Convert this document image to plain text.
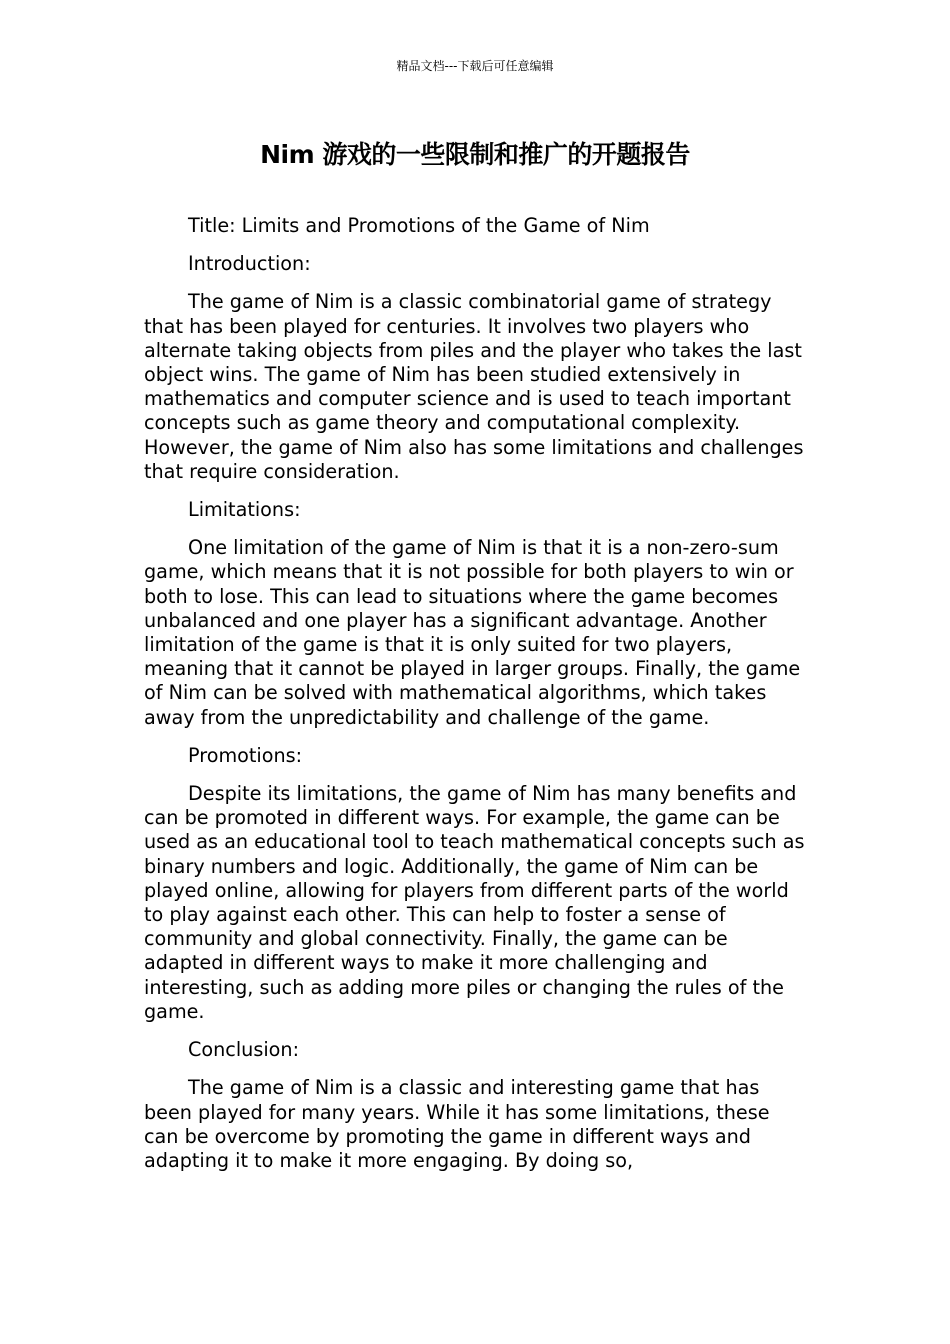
精品文档---下载后可任意编辑
Nim 游戏的一些限制和推广的开题报告

Title: Limits and Promotions of the Game of Nim

Introduction:

The game of Nim is a classic combinatorial game of strategy that has been played for centuries. It involves two players who alternate taking objects from piles and the player who takes the last object wins. The game of Nim has been studied extensively in mathematics and computer science and is used to teach important concepts such as game theory and computational complexity. However, the game of Nim also has some limitations and challenges that require consideration.

Limitations:

One limitation of the game of Nim is that it is a non-zero-sum game, which means that it is not possible for both players to win or both to lose. This can lead to situations where the game becomes unbalanced and one player has a significant advantage. Another limitation of the game is that it is only suited for two players, meaning that it cannot be played in larger groups. Finally, the game of Nim can be solved with mathematical algorithms, which takes away from the unpredictability and challenge of the game.

Promotions:

Despite its limitations, the game of Nim has many benefits and can be promoted in different ways. For example, the game can be used as an educational tool to teach mathematical concepts such as binary numbers and logic. Additionally, the game of Nim can be played online, allowing for players from different parts of the world to play against each other. This can help to foster a sense of community and global connectivity. Finally, the game can be adapted in different ways to make it more challenging and interesting, such as adding more piles or changing the rules of the game.

Conclusion:

The game of Nim is a classic and interesting game that has been played for many years. While it has some limitations, these can be overcome by promoting the game in different ways and adapting it to make it more engaging. By doing so,
